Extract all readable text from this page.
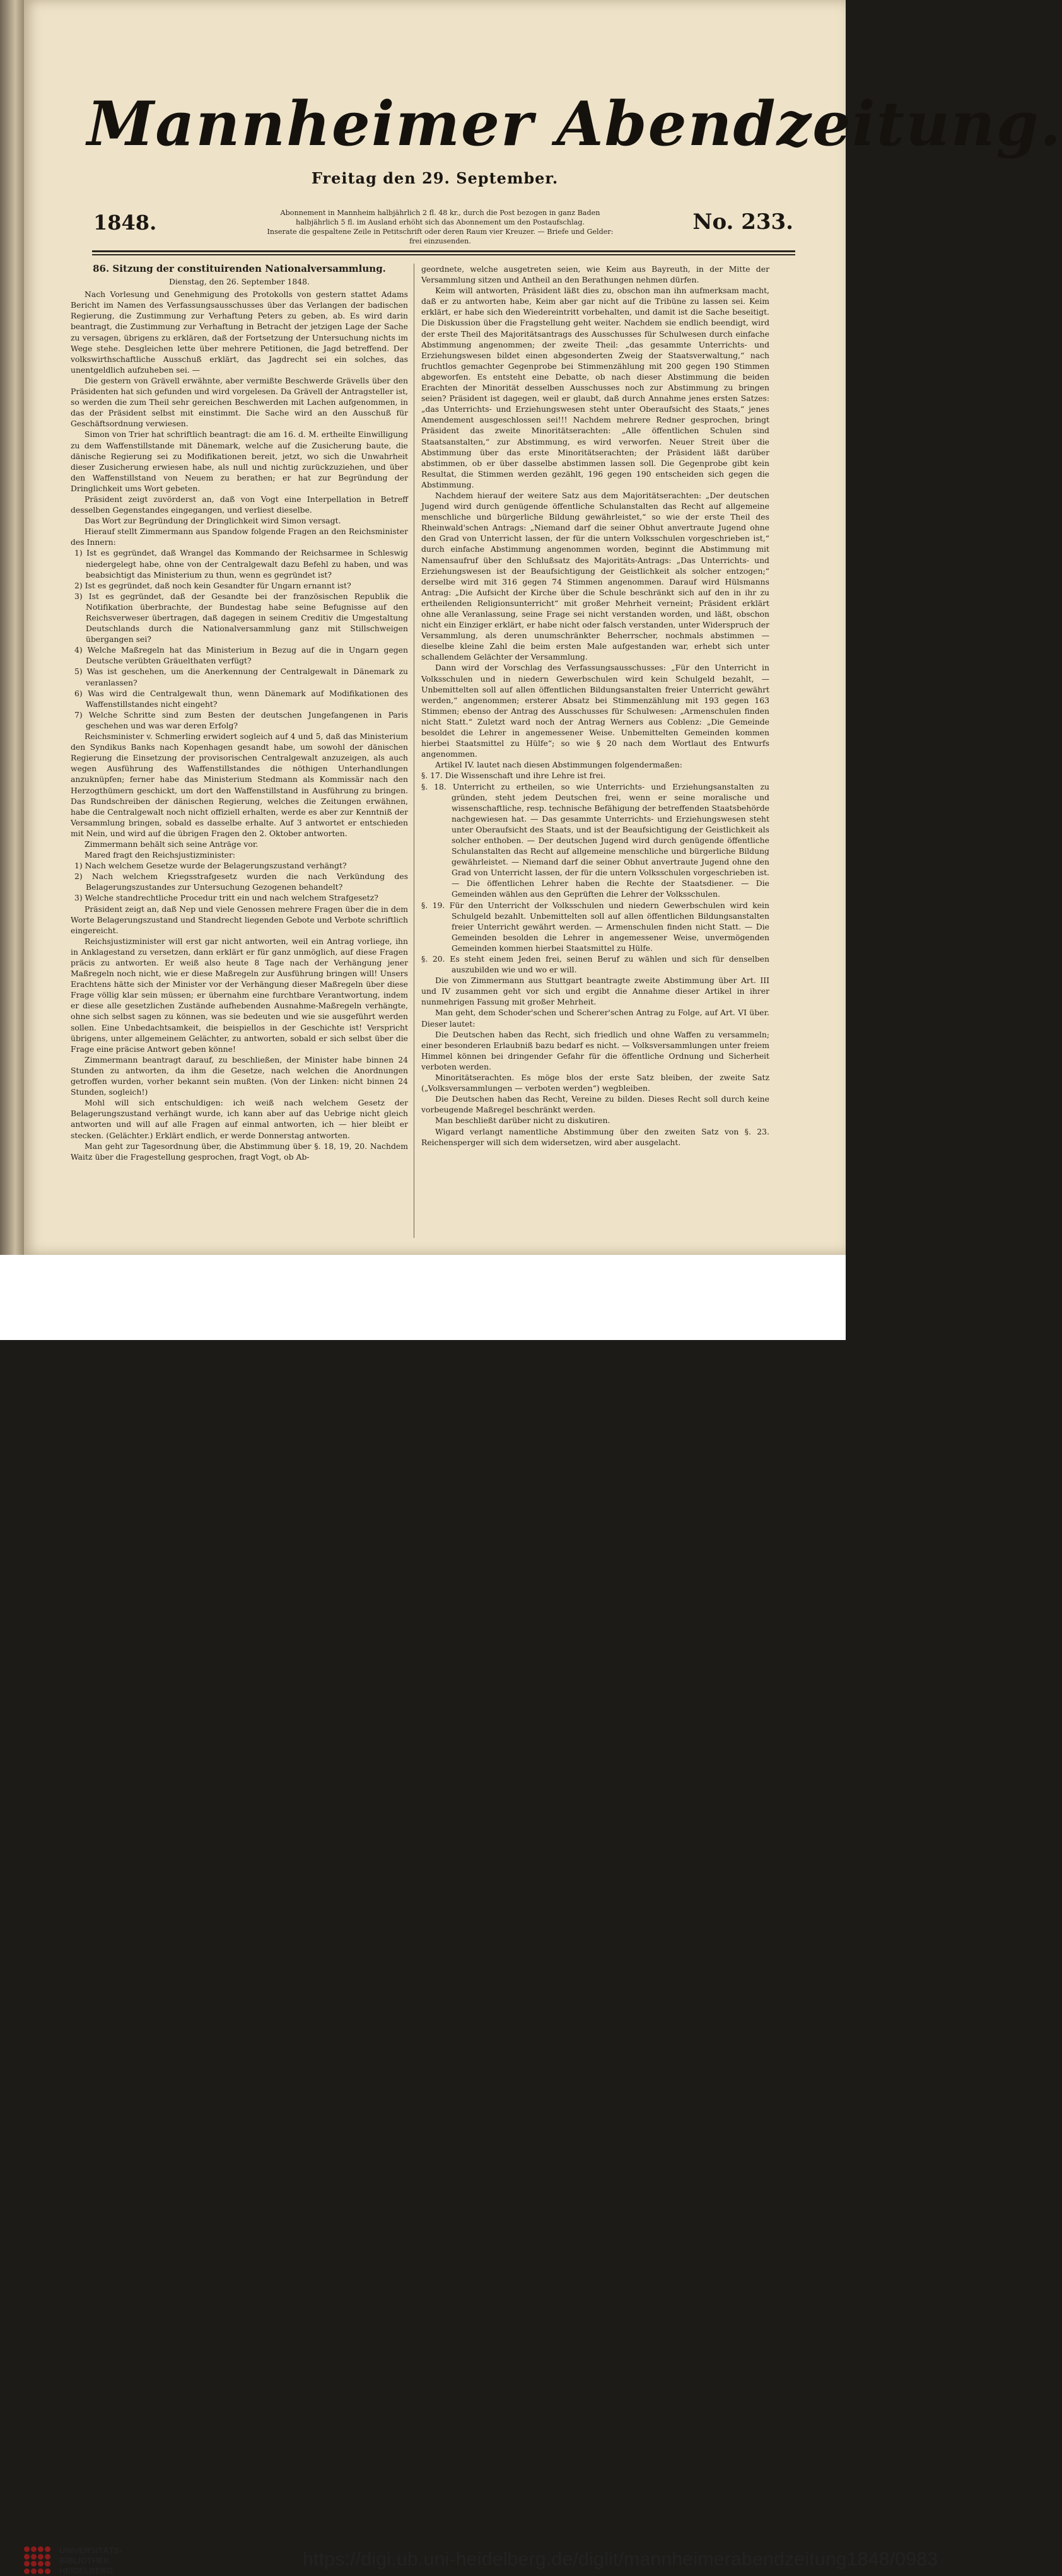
Mannheimer Abendzeitung.
Freitag den 29. September.
1848.	Abonnement in Mannheim halbjährlich 2 fl. 48 kr., durch die Post bezogen in ganz Baden
halbjährlich 5 fl. im Ausland erhöht sich das Abonnement um den Postaufschlag.
Inserate die gespaltene Zeile in Petitschrift oder deren Raum vier Kreuzer. — Briefe und Gelder: frei einzusenden.
No. 233.
86. Sitzung der constituirenden Nationalversammlung.
Dienstag, den 26. September 1848.

Nach Vorlesung und Genehmigung des Protokolls von gestern stattet Adams Bericht im Namen des Verfassungsausschusses über das Verlangen der badischen Regierung, die Zustimmung zur Verhaftung Peters zu geben, ab. Es wird darin beantragt, die Zustimmung zur Verhaftung in Betracht der jetzigen Lage der Sache zu versagen, übrigens zu erklären, daß der Fortsetzung der Untersuchung nichts im Wege stehe. Desgleichen lette über mehrere Petitionen, die Jagd betreffend. Der volkswirthschaftliche Ausschuß erklärt, das Jagdrecht sei ein solches, das unentgeldlich aufzuheben sei. —

Die gestern von Grävell erwähnte, aber vermißte Beschwerde Grävells über den Präsidenten hat sich gefunden und wird vorgelesen. Da Grävell der Antragsteller ist, so werden die zum Theil sehr gereichen Beschwerden mit Lachen aufgenommen, in das der Präsident selbst mit einstimmt. Die Sache wird an den Ausschuß für Geschäftsordnung verwiesen.

Simon von Trier hat schriftlich beantragt: die am 16. d. M. ertheilte Einwilligung zu dem Waffenstillstande mit Dänemark, welche auf die Zusicherung baute, die dänische Regierung sei zu Modifikationen bereit, jetzt, wo sich die Unwahrheit dieser Zusicherung erwiesen habe, als null und nichtig zurückzuziehen, und über den Waffenstillstand von Neuem zu berathen; er hat zur Begründung der Dringlichkeit ums Wort gebeten.

Präsident zeigt zuvörderst an, daß von Vogt eine Interpellation in Betreff desselben Gegenstandes eingegangen, und verliest dieselbe.

Das Wort zur Begründung der Dringlichkeit wird Simon versagt.

Hierauf stellt Zimmermann aus Spandow folgende Fragen an den Reichsminister des Innern:

1) Ist es gegründet, daß Wrangel das Kommando der Reichsarmee in Schleswig niedergelegt habe, ohne von der Centralgewalt dazu Befehl zu haben, und was beabsichtigt das Ministerium zu thun, wenn es gegründet ist?

2) Ist es gegründet, daß noch kein Gesandter für Ungarn ernannt ist?

3) Ist es gegründet, daß der Gesandte bei der französischen Republik die Notifikation überbrachte, der Bundestag habe seine Befugnisse auf den Reichsverweser übertragen, daß dagegen in seinem Creditiv die Umgestaltung Deutschlands durch die Nationalversammlung ganz mit Stillschweigen übergangen sei?

4) Welche Maßregeln hat das Ministerium in Bezug auf die in Ungarn gegen Deutsche verübten Gräuelthaten verfügt?

5) Was ist geschehen, um die Anerkennung der Centralgewalt in Dänemark zu veranlassen?

6) Was wird die Centralgewalt thun, wenn Dänemark auf Modifikationen des Waffenstillstandes nicht eingeht?

7) Welche Schritte sind zum Besten der deutschen Jungefangenen in Paris geschehen und was war deren Erfolg?

Reichsminister v. Schmerling erwidert sogleich auf 4 und 5, daß das Ministerium den Syndikus Banks nach Kopenhagen gesandt habe, um sowohl der dänischen Regierung die Einsetzung der provisorischen Centralgewalt anzuzeigen, als auch wegen Ausführung des Waffenstillstandes die nöthigen Unterhandlungen anzuknüpfen; ferner habe das Ministerium Stedmann als Kommissär nach den Herzogthümern geschickt, um dort den Waffenstillstand in Ausführung zu bringen. Das Rundschreiben der dänischen Regierung, welches die Zeitungen erwähnen, habe die Centralgewalt noch nicht offiziell erhalten, werde es aber zur Kenntniß der Versammlung bringen, sobald es dasselbe erhalte. Auf 3 antwortet er entschieden mit Nein, und wird auf die übrigen Fragen den 2. Oktober antworten.

Zimmermann behält sich seine Anträge vor.

Mared fragt den Reichsjustizminister:

1) Nach welchem Gesetze wurde der Belagerungszustand verhängt?

2) Nach welchem Kriegsstrafgesetz wurden die nach Verkündung des Belagerungszustandes zur Untersuchung Gezogenen behandelt?

3) Welche standrechtliche Procedur tritt ein und nach welchem Strafgesetz?

Präsident zeigt an, daß Nep und viele Genossen mehrere Fragen über die in dem Worte Belagerungszustand und Standrecht liegenden Gebote und Verbote schriftlich eingereicht.

Reichsjustizminister will erst gar nicht antworten, weil ein Antrag vorliege, ihn in Anklagestand zu versetzen, dann erklärt er für ganz unmöglich, auf diese Fragen präcis zu antworten. Er weiß also heute 8 Tage nach der Verhängung jener Maßregeln noch nicht, wie er diese Maßregeln zur Ausführung bringen will! Unsers Erachtens hätte sich der Minister vor der Verhängung dieser Maßregeln über diese Frage völlig klar sein müssen; er übernahm eine furchtbare Verantwortung, indem er diese alle gesetzlichen Zustände aufhebenden Ausnahme-Maßregeln verhängte, ohne sich selbst sagen zu können, was sie bedeuten und wie sie ausgeführt werden sollen. Eine Unbedachtsamkeit, die beispiellos in der Geschichte ist! Verspricht übrigens, unter allgemeinem Gelächter, zu antworten, sobald er sich selbst über die Frage eine präcise Antwort geben könne!

Zimmermann beantragt darauf, zu beschließen, der Minister habe binnen 24 Stunden zu antworten, da ihm die Gesetze, nach welchen die Anordnungen getroffen wurden, vorher bekannt sein mußten. (Von der Linken: nicht binnen 24 Stunden, sogleich!)

Mohl will sich entschuldigen: ich weiß nach welchem Gesetz der Belagerungszustand verhängt wurde, ich kann aber auf das Uebrige nicht gleich antworten und will auf alle Fragen auf einmal antworten, ich — hier bleibt er stecken. (Gelächter.) Erklärt endlich, er werde Donnerstag antworten.

Man geht zur Tagesordnung über, die Abstimmung über §. 18, 19, 20. Nachdem Waitz über die Fragestellung gesprochen, fragt Vogt, ob Ab-

geordnete, welche ausgetreten seien, wie Keim aus Bayreuth, in der Mitte der Versammlung sitzen und Antheil an den Berathungen nehmen dürfen.

Keim will antworten, Präsident läßt dies zu, obschon man ihn aufmerksam macht, daß er zu antworten habe, Keim aber gar nicht auf die Tribüne zu lassen sei. Keim erklärt, er habe sich den Wiedereintritt vorbehalten, und damit ist die Sache beseitigt. Die Diskussion über die Fragstellung geht weiter. Nachdem sie endlich beendigt, wird der erste Theil des Majoritätsantrags des Ausschusses für Schulwesen durch einfache Abstimmung angenommen; der zweite Theil: „das gesammte Unterrichts- und Erziehungswesen bildet einen abgesonderten Zweig der Staatsverwaltung,“ nach fruchtlos gemachter Gegenprobe bei Stimmenzählung mit 200 gegen 190 Stimmen abgeworfen. Es entsteht eine Debatte, ob nach dieser Abstimmung die beiden Erachten der Minorität desselben Ausschusses noch zur Abstimmung zu bringen seien? Präsident ist dagegen, weil er glaubt, daß durch Annahme jenes ersten Satzes: „das Unterrichts- und Erziehungswesen steht unter Oberaufsicht des Staats,“ jenes Amendement ausgeschlossen sei!!! Nachdem mehrere Redner gesprochen, bringt Präsident das zweite Minoritätserachten: „Alle öffentlichen Schulen sind Staatsanstalten,“ zur Abstimmung, es wird verworfen. Neuer Streit über die Abstimmung über das erste Minoritätserachten; der Präsident läßt darüber abstimmen, ob er über dasselbe abstimmen lassen soll. Die Gegenprobe gibt kein Resultat, die Stimmen werden gezählt, 196 gegen 190 entscheiden sich gegen die Abstimmung.

Nachdem hierauf der weitere Satz aus dem Majoritätserachten: „Der deutschen Jugend wird durch genügende öffentliche Schulanstalten das Recht auf allgemeine menschliche und bürgerliche Bildung gewährleistet,“ so wie der erste Theil des Rheinwald'schen Antrags: „Niemand darf die seiner Obhut anvertraute Jugend ohne den Grad von Unterricht lassen, der für die untern Volksschulen vorgeschrieben ist,“ durch einfache Abstimmung angenommen worden, beginnt die Abstimmung mit Namensaufruf über den Schlußsatz des Majoritäts-Antrags: „Das Unterrichts- und Erziehungswesen ist der Beaufsichtigung der Geistlichkeit als solcher entzogen;“ derselbe wird mit 316 gegen 74 Stimmen angenommen. Darauf wird Hülsmanns Antrag: „Die Aufsicht der Kirche über die Schule beschränkt sich auf den in ihr zu ertheilenden Religionsunterricht“ mit großer Mehrheit verneint; Präsident erklärt ohne alle Veranlassung, seine Frage sei nicht verstanden worden, und läßt, obschon nicht ein Einziger erklärt, er habe nicht oder falsch verstanden, unter Widerspruch der Versammlung, als deren unumschränkter Beherrscher, nochmals abstimmen — dieselbe kleine Zahl die beim ersten Male aufgestanden war, erhebt sich unter schallendem Gelächter der Versammlung.

Dann wird der Vorschlag des Verfassungsausschusses: „Für den Unterricht in Volksschulen und in niedern Gewerbschulen wird kein Schulgeld bezahlt, — Unbemittelten soll auf allen öffentlichen Bildungsanstalten freier Unterricht gewährt werden,“ angenommen; ersterer Absatz bei Stimmenzählung mit 193 gegen 163 Stimmen; ebenso der Antrag des Ausschusses für Schulwesen: „Armenschulen finden nicht Statt.“ Zuletzt ward noch der Antrag Werners aus Coblenz: „Die Gemeinde besoldet die Lehrer in angemessener Weise. Unbemittelten Gemeinden kommen hierbei Staatsmittel zu Hülfe“; so wie § 20 nach dem Wortlaut des Entwurfs angenommen.

Artikel IV. lautet nach diesen Abstimmungen folgendermaßen:

§. 17. Die Wissenschaft und ihre Lehre ist frei.

§. 18. Unterricht zu ertheilen, so wie Unterrichts- und Erziehungsanstalten zu gründen, steht jedem Deutschen frei, wenn er seine moralische und wissenschaftliche, resp. technische Befähigung der betreffenden Staatsbehörde nachgewiesen hat. — Das gesammte Unterrichts- und Erziehungswesen steht unter Oberaufsicht des Staats, und ist der Beaufsichtigung der Geistlichkeit als solcher enthoben. — Der deutschen Jugend wird durch genügende öffentliche Schulanstalten das Recht auf allgemeine menschliche und bürgerliche Bildung gewährleistet. — Niemand darf die seiner Obhut anvertraute Jugend ohne den Grad von Unterricht lassen, der für die untern Volksschulen vorgeschrieben ist. — Die öffentlichen Lehrer haben die Rechte der Staatsdiener. — Die Gemeinden wählen aus den Geprüften die Lehrer der Volksschulen.

§. 19. Für den Unterricht der Volksschulen und niedern Gewerbschulen wird kein Schulgeld bezahlt. Unbemittelten soll auf allen öffentlichen Bildungsanstalten freier Unterricht gewährt werden. — Armenschulen finden nicht Statt. — Die Gemeinden besolden die Lehrer in angemessener Weise, unvermögenden Gemeinden kommen hierbei Staatsmittel zu Hülfe.

§. 20. Es steht einem Jeden frei, seinen Beruf zu wählen und sich für denselben auszubilden wie und wo er will.

Die von Zimmermann aus Stuttgart beantragte zweite Abstimmung über Art. III und IV zusammen geht vor sich und ergibt die Annahme dieser Artikel in ihrer nunmehrigen Fassung mit großer Mehrheit.

Man geht, dem Schoder'schen und Scherer'schen Antrag zu Folge, auf Art. VI über. Dieser lautet:

Die Deutschen haben das Recht, sich friedlich und ohne Waffen zu versammeln; einer besonderen Erlaubniß bazu bedarf es nicht. — Volksversammlungen unter freiem Himmel können bei dringender Gefahr für die öffentliche Ordnung und Sicherheit verboten werden.

Minoritätserachten. Es möge blos der erste Satz bleiben, der zweite Satz („Volksversammlungen — verboten werden“) wegbleiben.

Die Deutschen haben das Recht, Vereine zu bilden. Dieses Recht soll durch keine vorbeugende Maßregel beschränkt werden.

Man beschließt darüber nicht zu diskutiren.

Wigard verlangt namentliche Abstimmung über den zweiten Satz von §. 23. Reichensperger will sich dem widersetzen, wird aber ausgelacht.

UNIVERSITÄTS-
BIBLIOTHEK
HEIDELBERG
https://digi.ub.uni-heidelberg.de/diglit/mannheimerabendzeitung1848/0983
